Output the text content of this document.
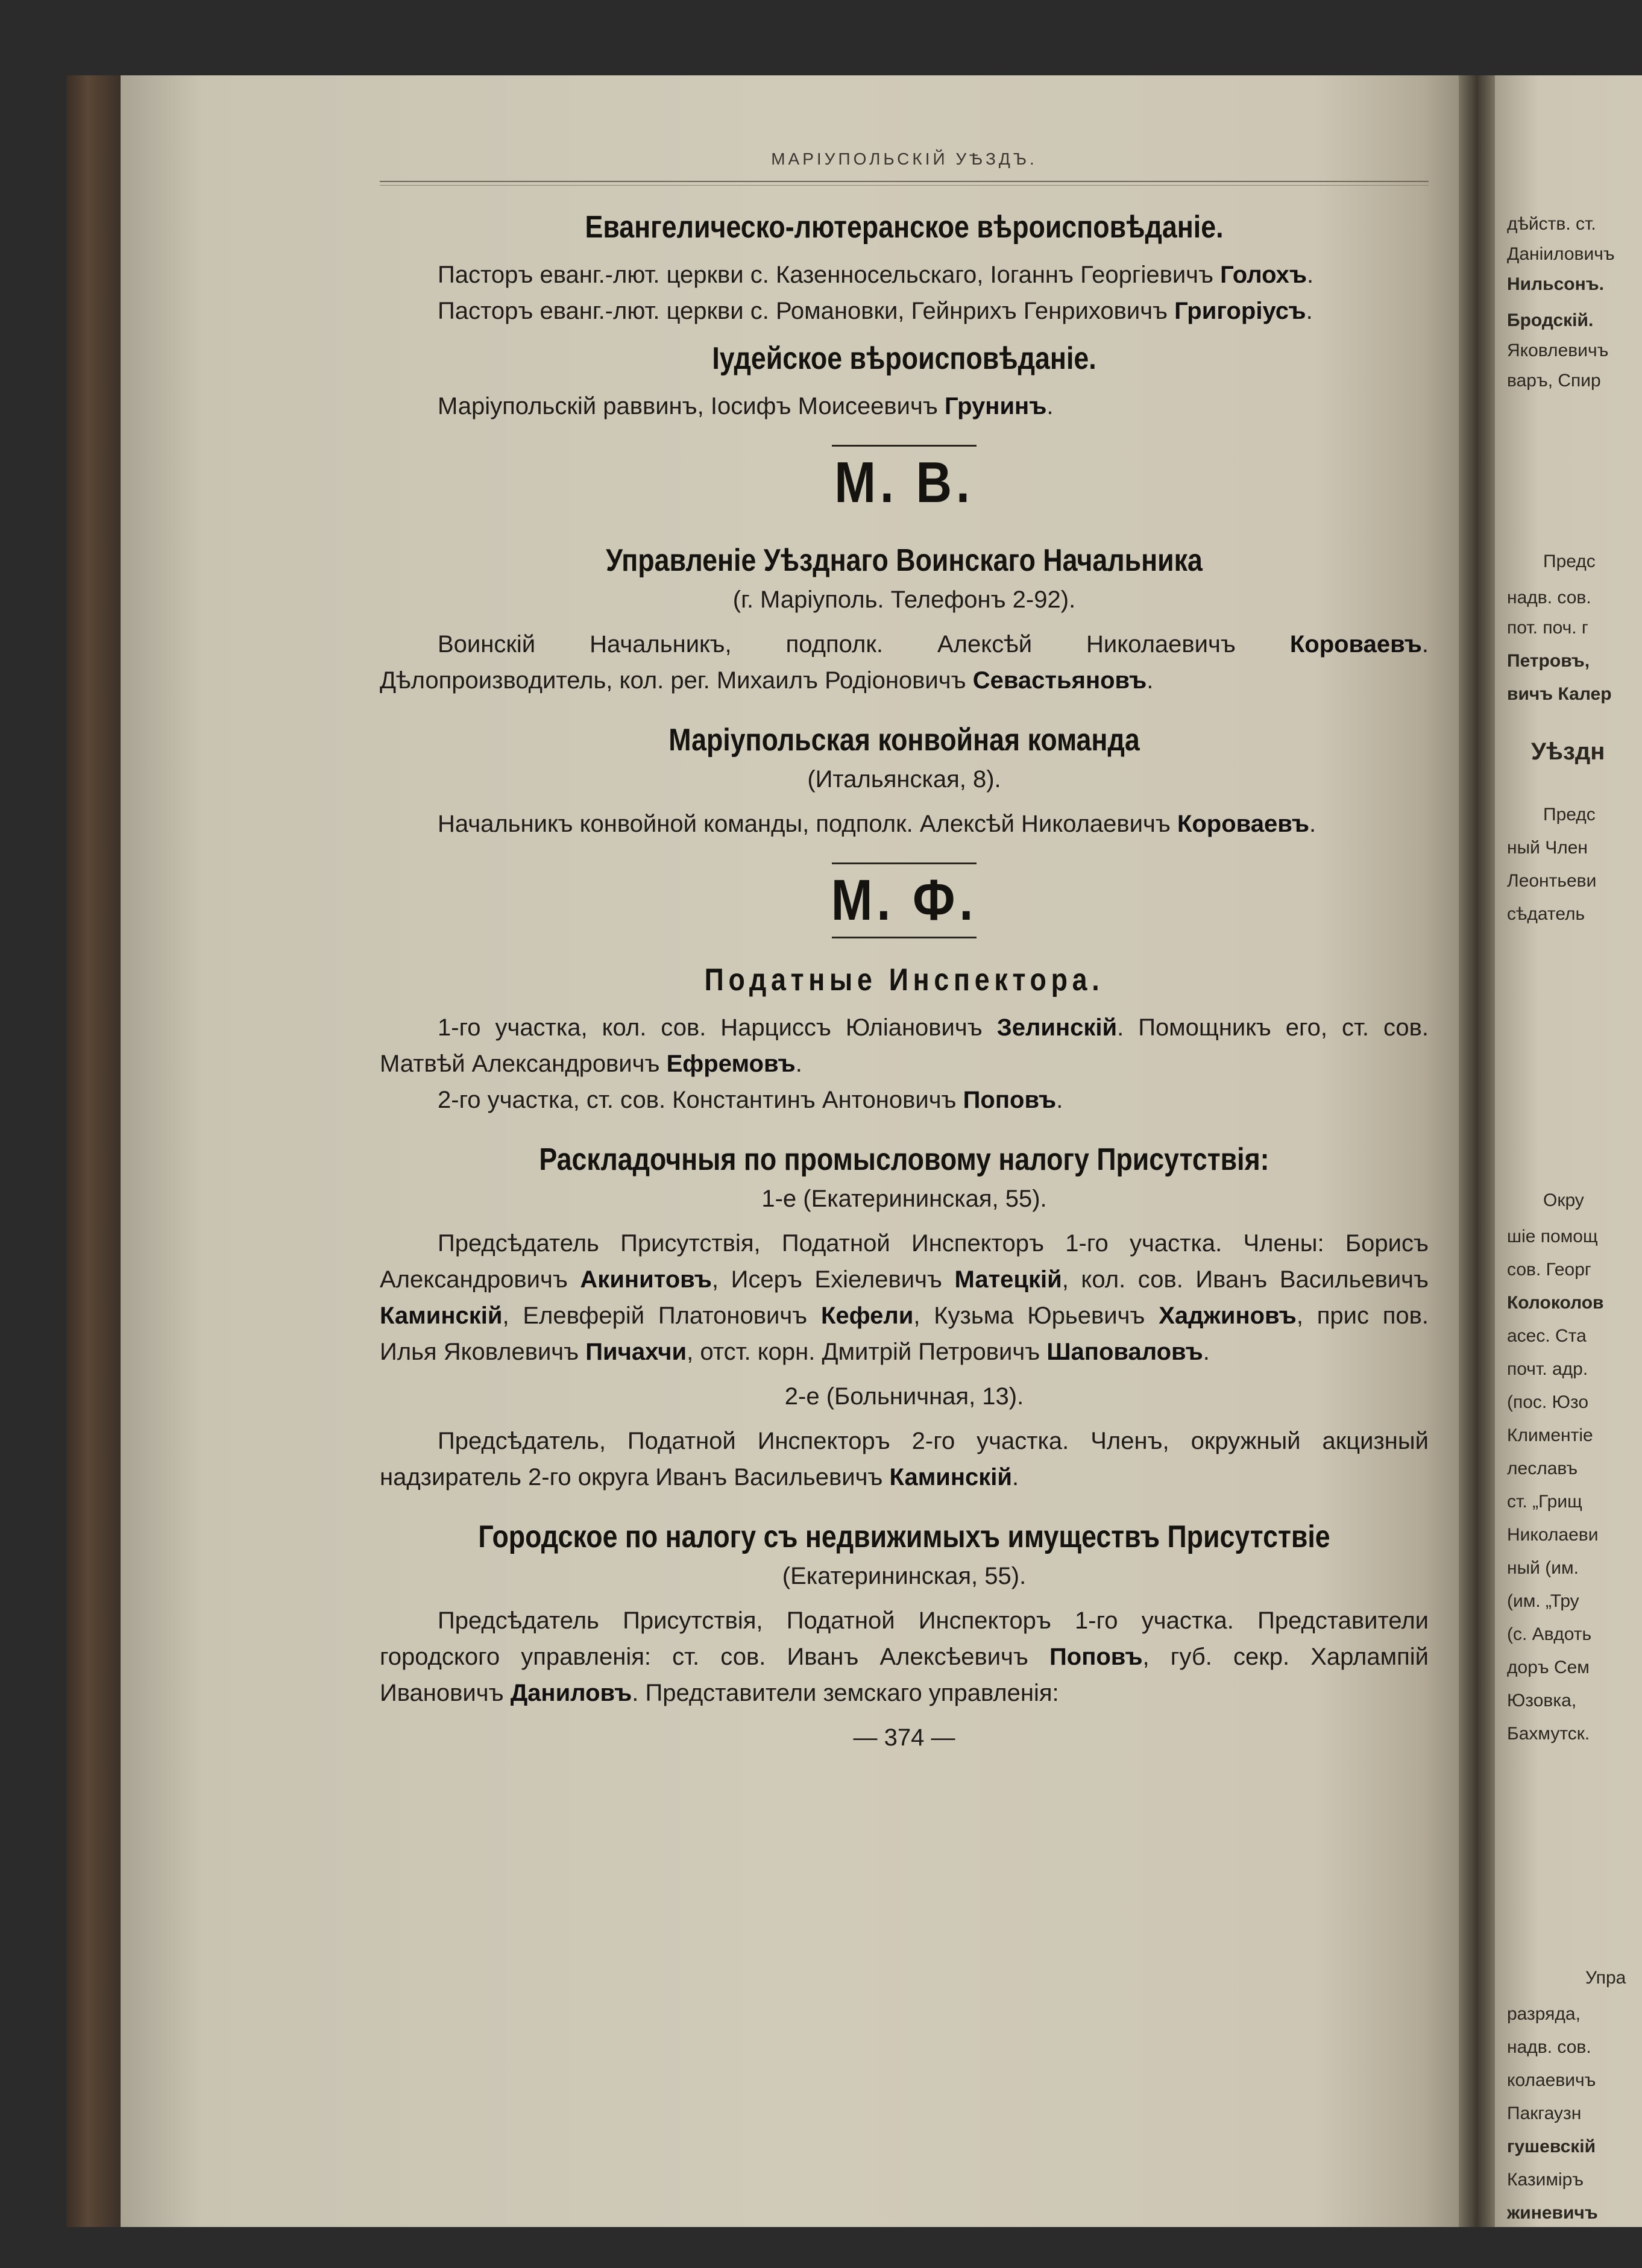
дѣйств. ст.
Даніиловичъ
Нильсонъ.
Бродскій.
Яковлевичъ
варъ, Спир
Предс
надв. сов.
пот. поч. г
Петровъ,
вичъ Калер
Уѣздн
Предс
ный Член
Леонтьеви
сѣдатель
Окру
шіе помощ
сов. Георг
Колоколов
асес. Ста
почт. адр.
(пос. Юзо
Климентіе
леславъ
ст. „Грищ
Николаеви
ный (им.
(им. „Тру
(с. Авдоть
доръ Сем
Юзовка,
Бахмутск.
Упра
разряда,
надв. сов.
колаевичъ
Пакгаузн
гушевскій
Казиміръ
жиневичъ
МАРІУПОЛЬСКІЙ УѢЗДЪ.
Евангелическо-лютеранское вѣроисповѣданіе.

Пасторъ еванг.-лют. церкви с. Казенносельскаго, Іоганнъ Георгіевичъ Голохъ.

Пасторъ еванг.-лют. церкви с. Романовки, Гейнрихъ Генриховичъ Григоріусъ.

Іудейское вѣроисповѣданіе.

Маріупольскій раввинъ, Іосифъ Моисеевичъ Грунинъ.

М. В.
Управленіе Уѣзднаго Воинскаго Начальника
(г. Маріуполь. Телефонъ 2-92).

Воинскій Начальникъ, подполк. Алексѣй Николаевичъ Короваевъ. Дѣлопроизводитель, кол. рег. Михаилъ Родіоновичъ Севастьяновъ.

Маріупольская конвойная команда
(Итальянская, 8).

Начальникъ конвойной команды, подполк. Алексѣй Николаевичъ Короваевъ.

М. Ф.
Податные Инспектора.

1-го участка, кол. сов. Нарциссъ Юліановичъ Зелинскій. Помощникъ его, ст. сов. Матвѣй Александровичъ Ефремовъ.

2-го участка, ст. сов. Константинъ Антоновичъ Поповъ.

Раскладочныя по промысловому налогу Присутствія:
1-е (Екатерининская, 55).

Предсѣдатель Присутствія, Податной Инспекторъ 1-го участка. Члены: Борисъ Александровичъ Акинитовъ, Исеръ Ехіелевичъ Матецкій, кол. сов. Иванъ Васильевичъ Каминскій, Елевферій Платоновичъ Кефели, Кузьма Юрьевичъ Хаджиновъ, прис пов. Илья Яковлевичъ Пичахчи, отст. корн. Дмитрій Петровичъ Шаповаловъ.

2-е (Больничная, 13).

Предсѣдатель, Податной Инспекторъ 2-го участка. Членъ, окружный акцизный надзиратель 2-го округа Иванъ Васильевичъ Каминскій.

Городское по налогу съ недвижимыхъ имуществъ Присутствіе
(Екатерининская, 55).

Предсѣдатель Присутствія, Податной Инспекторъ 1-го участка. Представители городского управленія: ст. сов. Иванъ Алексѣевичъ Поповъ, губ. секр. Харлампій Ивановичъ Даниловъ. Представители земскаго управленія:

— 374 —
